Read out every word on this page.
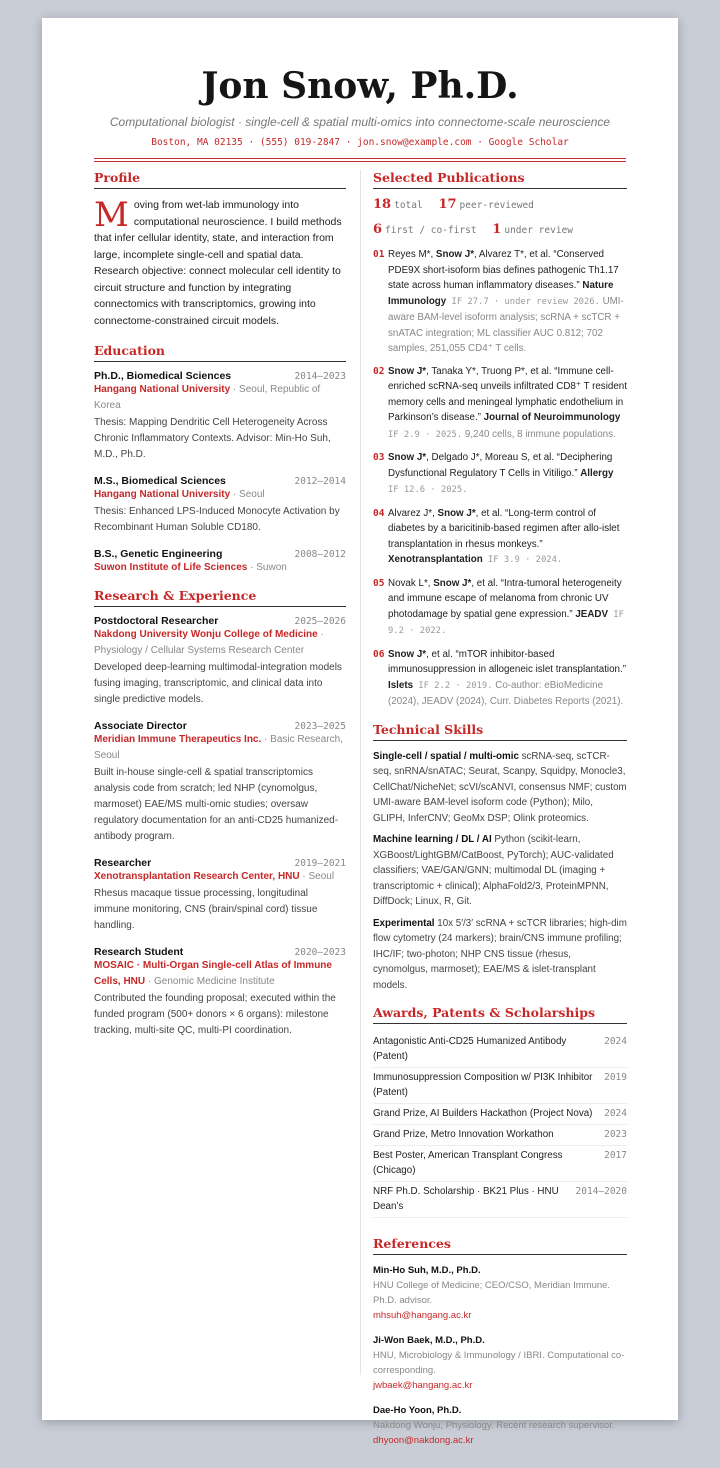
Jon Snow, Ph.D.
Computational biologist · single-cell & spatial multi-omics into connectome-scale neuroscience
Boston, MA 02135 · (555) 019-2847 · jon.snow@example.com · Google Scholar
Profile

Moving from wet-lab immunology into computational neuroscience. I build methods that infer cellular identity, state, and interaction from large, incomplete single-cell and spatial data. Research objective: connect molecular cell identity to circuit structure and function by integrating connectomics with transcriptomics, growing into connectome-constrained circuit models.

Education
Ph.D., Biomedical Sciences	2014–2023
Hangang National University · Seoul, Republic of Korea
Thesis: Mapping Dendritic Cell Heterogeneity Across Chronic Inflammatory Contexts. Advisor: Min-Ho Suh, M.D., Ph.D.
M.S., Biomedical Sciences	2012–2014
Hangang National University · Seoul
Thesis: Enhanced LPS-Induced Monocyte Activation by Recombinant Human Soluble CD180.
B.S., Genetic Engineering	2008–2012
Suwon Institute of Life Sciences · Suwon
Research & Experience
Postdoctoral Researcher	2025–2026
Nakdong University Wonju College of Medicine · Physiology / Cellular Systems Research Center
Developed deep-learning multimodal-integration models fusing imaging, transcriptomic, and clinical data into single predictive models.
Associate Director	2023–2025
Meridian Immune Therapeutics Inc. · Basic Research, Seoul
Built in-house single-cell & spatial transcriptomics analysis code from scratch; led NHP (cynomolgus, marmoset) EAE/MS multi-omic studies; oversaw regulatory documentation for an anti-CD25 humanized-antibody program.
Researcher	2019–2021
Xenotransplantation Research Center, HNU · Seoul
Rhesus macaque tissue processing, longitudinal immune monitoring, CNS (brain/spinal cord) tissue handling.
Research Student	2020–2023
MOSAIC · Multi-Organ Single-cell Atlas of Immune Cells, HNU · Genomic Medicine Institute
Contributed the founding proposal; executed within the funded program (500+ donors × 6 organs): milestone tracking, multi-site QC, multi-PI coordination.
Selected Publications
18 total 17 peer-reviewed
6 first / co-first 1 under review
01 Reyes M*, Snow J*, Alvarez T*, et al. “Conserved PDE9X short-isoform bias defines pathogenic Th1.17 state across human inflammatory diseases.” Nature Immunology IF 27.7 · under review 2026. UMI-aware BAM-level isoform analysis; scRNA + scTCR + snATAC integration; ML classifier AUC 0.812; 702 samples, 251,055 CD4⁺ T cells.
02 Snow J*, Tanaka Y*, Truong P*, et al. “Immune cell-enriched scRNA-seq unveils infiltrated CD8⁺ T resident memory cells and meningeal lymphatic endothelium in Parkinson’s disease.” Journal of Neuroimmunology IF 2.9 · 2025. 9,240 cells, 8 immune populations.
03 Snow J*, Delgado J*, Moreau S, et al. “Deciphering Dysfunctional Regulatory T Cells in Vitiligo.” Allergy IF 12.6 · 2025.
04 Alvarez J*, Snow J*, et al. “Long-term control of diabetes by a baricitinib-based regimen after allo-islet transplantation in rhesus monkeys.” Xenotransplantation IF 3.9 · 2024.
05 Novak L*, Snow J*, et al. “Intra-tumoral heterogeneity and immune escape of melanoma from chronic UV photodamage by spatial gene expression.” JEADV IF 9.2 · 2022.
06 Snow J*, et al. “mTOR inhibitor-based immunosuppression in allogeneic islet transplantation.” Islets IF 2.2 · 2019. Co-author: eBioMedicine (2024), JEADV (2024), Curr. Diabetes Reports (2021).
Technical Skills
Single-cell / spatial / multi-omic scRNA-seq, scTCR-seq, snRNA/snATAC; Seurat, Scanpy, Squidpy, Monocle3, CellChat/NicheNet; scVI/scANVI, consensus NMF; custom UMI-aware BAM-level isoform code (Python); Milo, GLIPH, InferCNV; GeoMx DSP; Olink proteomics.
Machine learning / DL / AI Python (scikit-learn, XGBoost/LightGBM/CatBoost, PyTorch); AUC-validated classifiers; VAE/GAN/GNN; multimodal DL (imaging + transcriptomic + clinical); AlphaFold2/3, ProteinMPNN, DiffDock; Linux, R, Git.
Experimental 10x 5′/3′ scRNA + scTCR libraries; high-dim flow cytometry (24 markers); brain/CNS immune profiling; IHC/IF; two-photon; NHP CNS tissue (rhesus, cynomolgus, marmoset); EAE/MS & islet-transplant models.
Awards, Patents & Scholarships
Antagonistic Anti-CD25 Humanized Antibody (Patent)
2024
Immunosuppression Composition w/ PI3K Inhibitor (Patent)
2019
Grand Prize, AI Builders Hackathon (Project Nova) 2024
Grand Prize, Metro Innovation Workathon	2023
Best Poster, American Transplant Congress (Chicago)
2017
NRF Ph.D. Scholarship · BK21 Plus · HNU Dean’s
2014–2020
References
Min-Ho Suh, M.D., Ph.D.
HNU College of Medicine; CEO/CSO, Meridian Immune. Ph.D. advisor.
mhsuh@hangang.ac.kr
Ji-Won Baek, M.D., Ph.D.
HNU, Microbiology & Immunology / IBRI. Computational co-corresponding.
jwbaek@hangang.ac.kr
Dae-Ho Yoon, Ph.D.
Nakdong Wonju, Physiology. Recent research supervisor.
dhyoon@nakdong.ac.kr
